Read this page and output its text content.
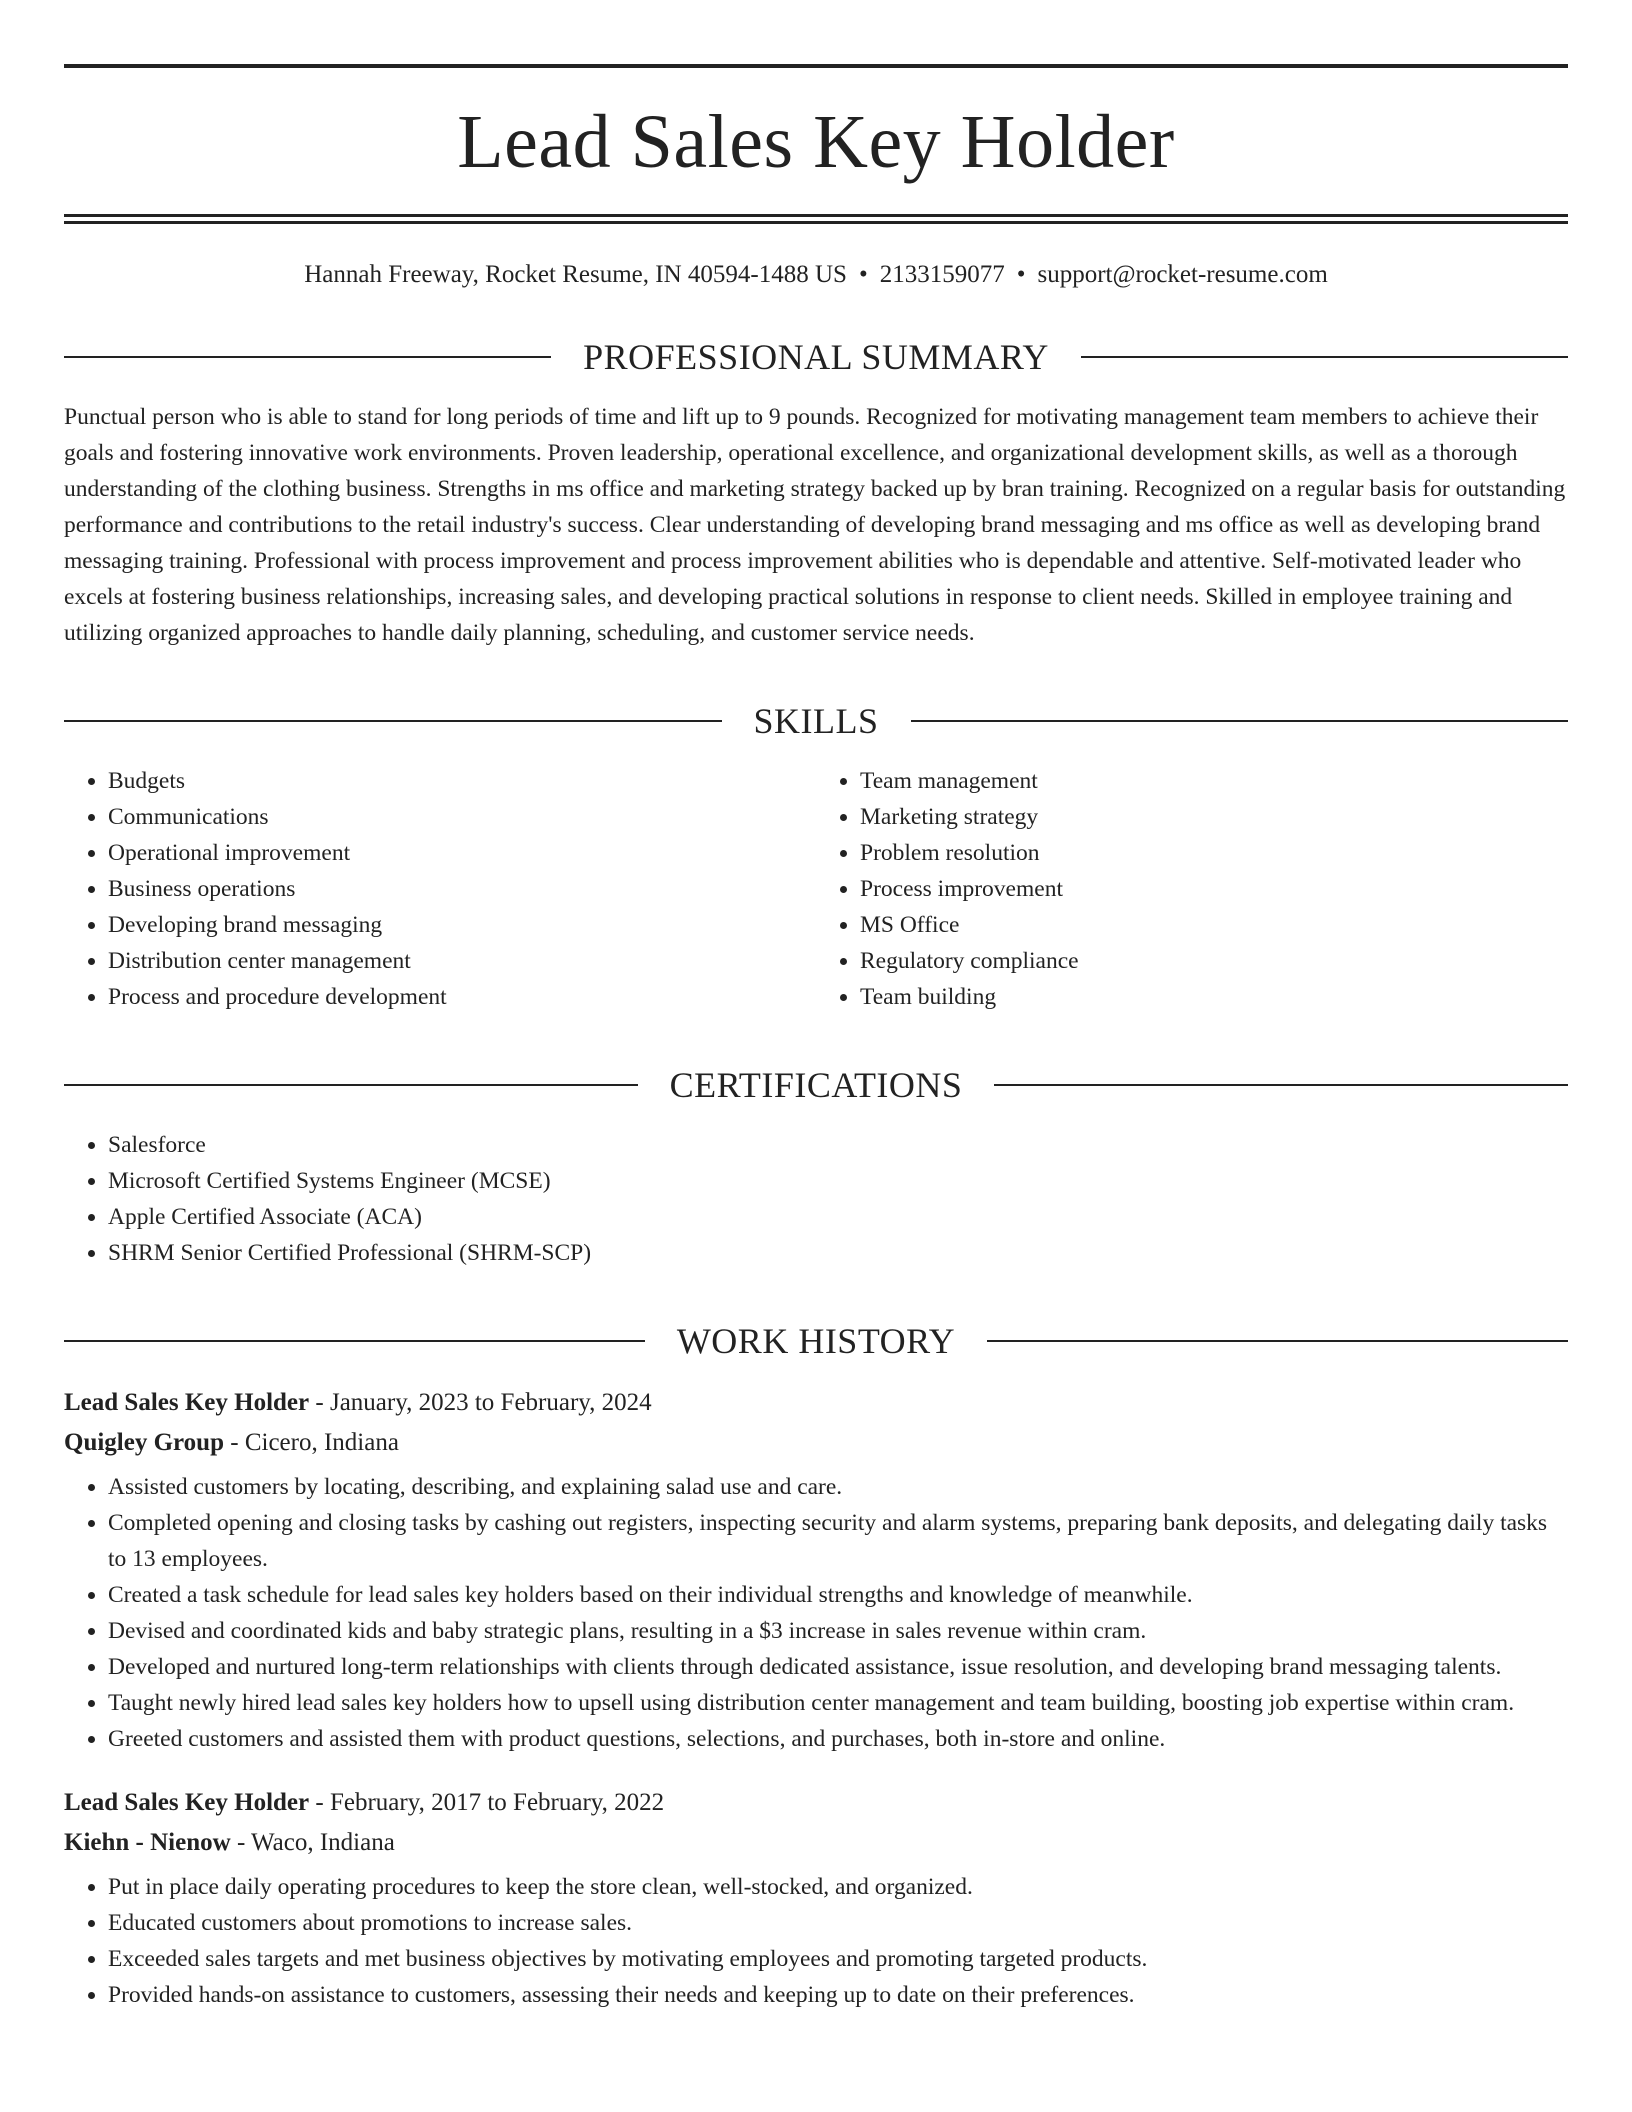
Lead Sales Key Holder
Hannah Freeway, Rocket Resume, IN 40594-1488 US • 2133159077 • support@rocket-resume.com
PROFESSIONAL SUMMARY

Punctual person who is able to stand for long periods of time and lift up to 9 pounds. Recognized for motivating management team members to achieve their goals and fostering innovative work environments. Proven leadership, operational excellence, and organizational development skills, as well as a thorough understanding of the clothing business. Strengths in ms office and marketing strategy backed up by bran training. Recognized on a regular basis for outstanding performance and contributions to the retail industry's success. Clear understanding of developing brand messaging and ms office as well as developing brand messaging training. Professional with process improvement and process improvement abilities who is dependable and attentive. Self-motivated leader who excels at fostering business relationships, increasing sales, and developing practical solutions in response to client needs. Skilled in employee training and utilizing organized approaches to handle daily planning, scheduling, and customer service needs.

SKILLS
• Budgets
• Communications
• Operational improvement
• Business operations
• Developing brand messaging
• Distribution center management
• Process and procedure development
• Team management
• Marketing strategy
• Problem resolution
• Process improvement
• MS Office
• Regulatory compliance
• Team building
CERTIFICATIONS
• Salesforce
• Microsoft Certified Systems Engineer (MCSE)
• Apple Certified Associate (ACA)
• SHRM Senior Certified Professional (SHRM-SCP)
WORK HISTORY
Lead Sales Key Holder - January, 2023 to February, 2024
Quigley Group - Cicero, Indiana
• Assisted customers by locating, describing, and explaining salad use and care.
• Completed opening and closing tasks by cashing out registers, inspecting security and alarm systems, preparing bank deposits, and delegating daily tasks to 13 employees.
• Created a task schedule for lead sales key holders based on their individual strengths and knowledge of meanwhile.
• Devised and coordinated kids and baby strategic plans, resulting in a $3 increase in sales revenue within cram.
• Developed and nurtured long-term relationships with clients through dedicated assistance, issue resolution, and developing brand messaging talents.
• Taught newly hired lead sales key holders how to upsell using distribution center management and team building, boosting job expertise within cram.
• Greeted customers and assisted them with product questions, selections, and purchases, both in-store and online.
Lead Sales Key Holder - February, 2017 to February, 2022
Kiehn - Nienow - Waco, Indiana
• Put in place daily operating procedures to keep the store clean, well-stocked, and organized.
• Educated customers about promotions to increase sales.
• Exceeded sales targets and met business objectives by motivating employees and promoting targeted products.
• Provided hands-on assistance to customers, assessing their needs and keeping up to date on their preferences.
